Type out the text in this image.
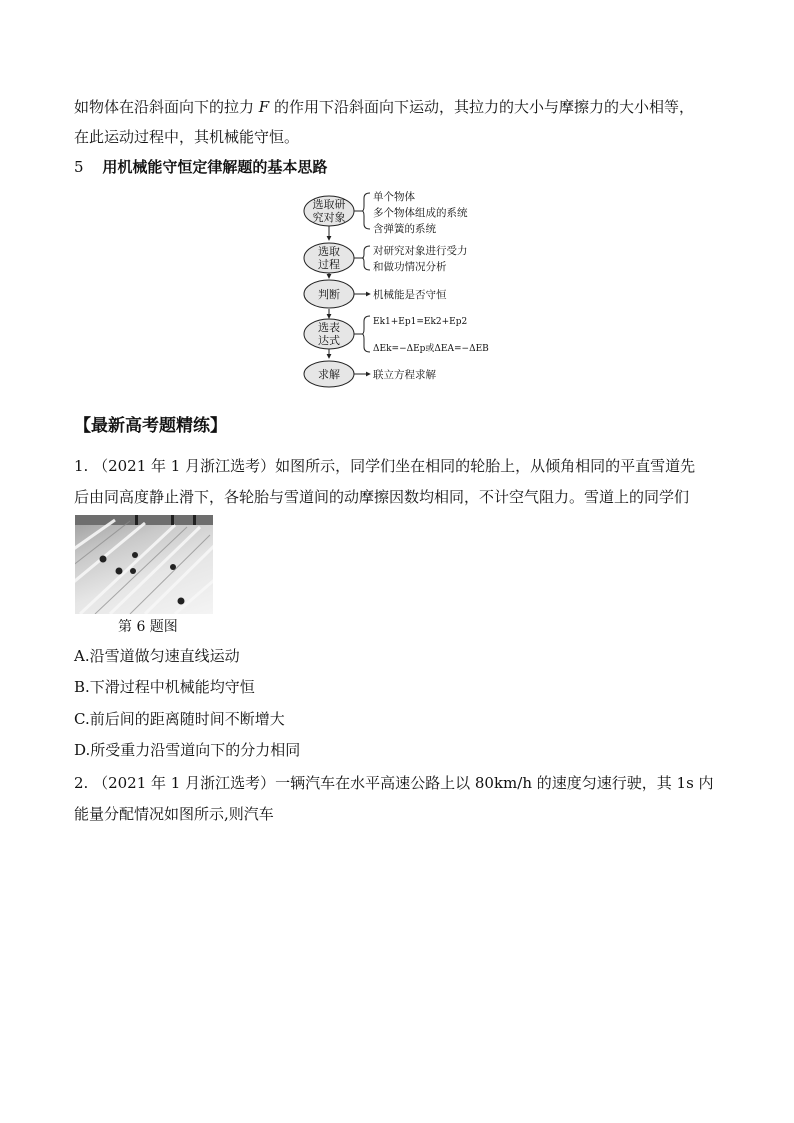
如物体在沿斜面向下的拉力 F 的作用下沿斜面向下运动，其拉力的大小与摩擦力的大小相等，
在此运动过程中，其机械能守恒。
5 用机械能守恒定律解题的基本思路
选取研
究对象
单个物体
多个物体组成的系统
含弹簧的系统
选取
过程
对研究对象进行受力
和做功情况分析
判断	机械能是否守恒
选表
达式
Ek1+Ep1=Ek2+Ep2
ΔEk=−ΔEp或ΔEA=−ΔEB
求解	联立方程求解
【最新高考题精练】
1. （2021 年 1 月浙江选考）如图所示，同学们坐在相同的轮胎上，从倾角相同的平直雪道先
后由同高度静止滑下，各轮胎与雪道间的动摩擦因数均相同，不计空气阻力。雪道上的同学们
第 6 题图
A.沿雪道做匀速直线运动
B.下滑过程中机械能均守恒
C.前后间的距离随时间不断增大
D.所受重力沿雪道向下的分力相同
2. （2021 年 1 月浙江选考）一辆汽车在水平高速公路上以 80km/h 的速度匀速行驶，其 1s 内
能量分配情况如图所示,则汽车
